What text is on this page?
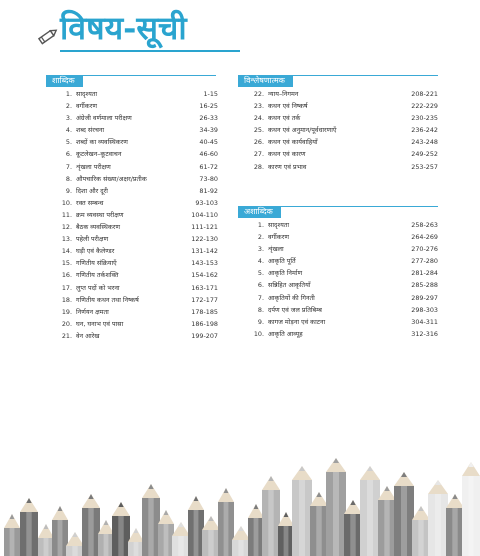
विषय-सूची
शाब्दिक
1. सादृश्यता	1-15
2. वर्गीकरण	16-25
3. अंग्रेजी वर्णमाला परीक्षण	26-33
4. शब्द संरचना	34-39
5. शब्दों का व्यवस्थिकरण	40-45
6. कूटलेखन–कूटवाचन	46-60
7. शृंखला परीक्षण	61-72
8. औपचारिक संख्या/अक्षर/प्रतीक	73-80
9. दिशा और दूरी	81-92
10. रक्त सम्बन्ध	93-103
11. क्रम व्यवस्था परीक्षण	104-110
12. बैठक व्यवस्थिकरण	111-121
13. पहेली परीक्षण	122-130
14. घड़ी एवं कैलेण्डर	131-142
15. गणितीय संक्रियाएँ	143-153
16. गणितीय तर्कशक्ति	154-162
17. लुप्त पदों को भरना	163-171
18. गणितीय कथन तथा निष्कर्ष	172-177
19. निर्णयन क्षमता	178-185
20. घन, घनाभ एवं पासा	186-198
21. वेन आरेख	199-207
विश्लेषणात्मक
22. न्याय–निगमन	208-221
23. कथन एवं निष्कर्ष	222-229
24. कथन एवं तर्क	230-235
25. कथन एवं अनुमान/पूर्वधारणाएँ	236-242
26. कथन एवं कार्यवाहियाँ	243-248
27. कथन एवं कारण	249-252
28. कारण एवं प्रभाव	253-257
अशाब्दिक
1. सादृश्यता	258-263
2. वर्गीकरण	264-269
3. शृंखला	270-276
4. आकृति पूर्ति	277-280
5. आकृति निर्माण	281-284
6. सन्निहित आकृतियाँ	285-288
7. आकृतियों की गिनती	289-297
8. दर्पण एवं जल प्रतिबिम्ब	298-303
9. कागज मोड़ना एवं काटना	304-311
10. आकृति आव्यूह	312-316
